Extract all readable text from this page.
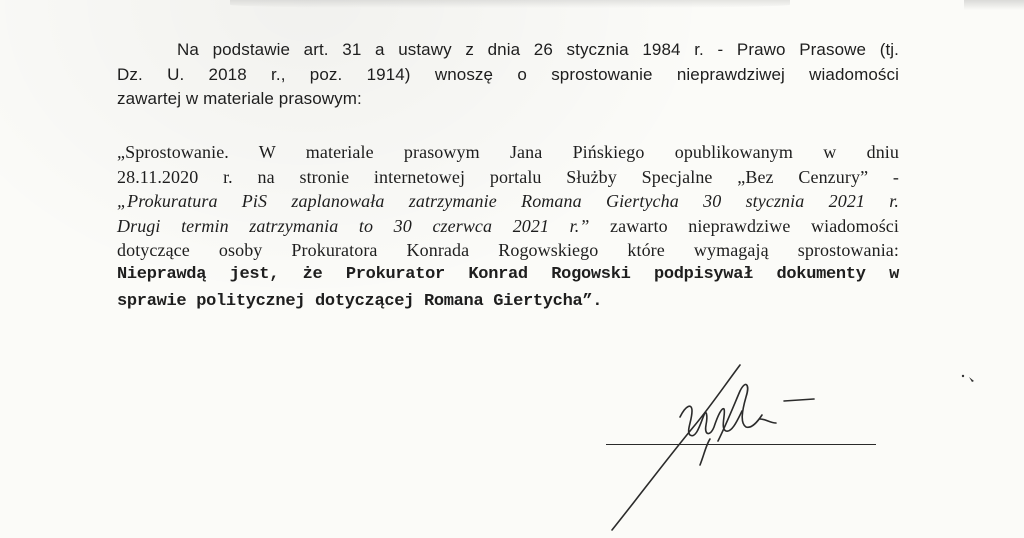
Na podstawie art. 31 a ustawy z dnia 26 stycznia 1984 r. - Prawo Prasowe (tj.
Dz. U. 2018 r., poz. 1914) wnoszę o sprostowanie nieprawdziwej wiadomości
zawartej w materiale prasowym:
„Sprostowanie. W materiale prasowym Jana Pińskiego opublikowanym w dniu
28.11.2020 r. na stronie internetowej portalu Służby Specjalne „Bez Cenzury” -
„Prokuratura PiS zaplanowała zatrzymanie Romana Giertycha 30 stycznia 2021 r.
Drugi termin zatrzymania to 30 czerwca 2021 r.” zawarto nieprawdziwe wiadomości
dotyczące osoby Prokuratora Konrada Rogowskiego które wymagają sprostowania:
Nieprawdą jest, że Prokurator Konrad Rogowski podpisywał dokumenty w
sprawie politycznej dotyczącej Romana Giertycha”.
